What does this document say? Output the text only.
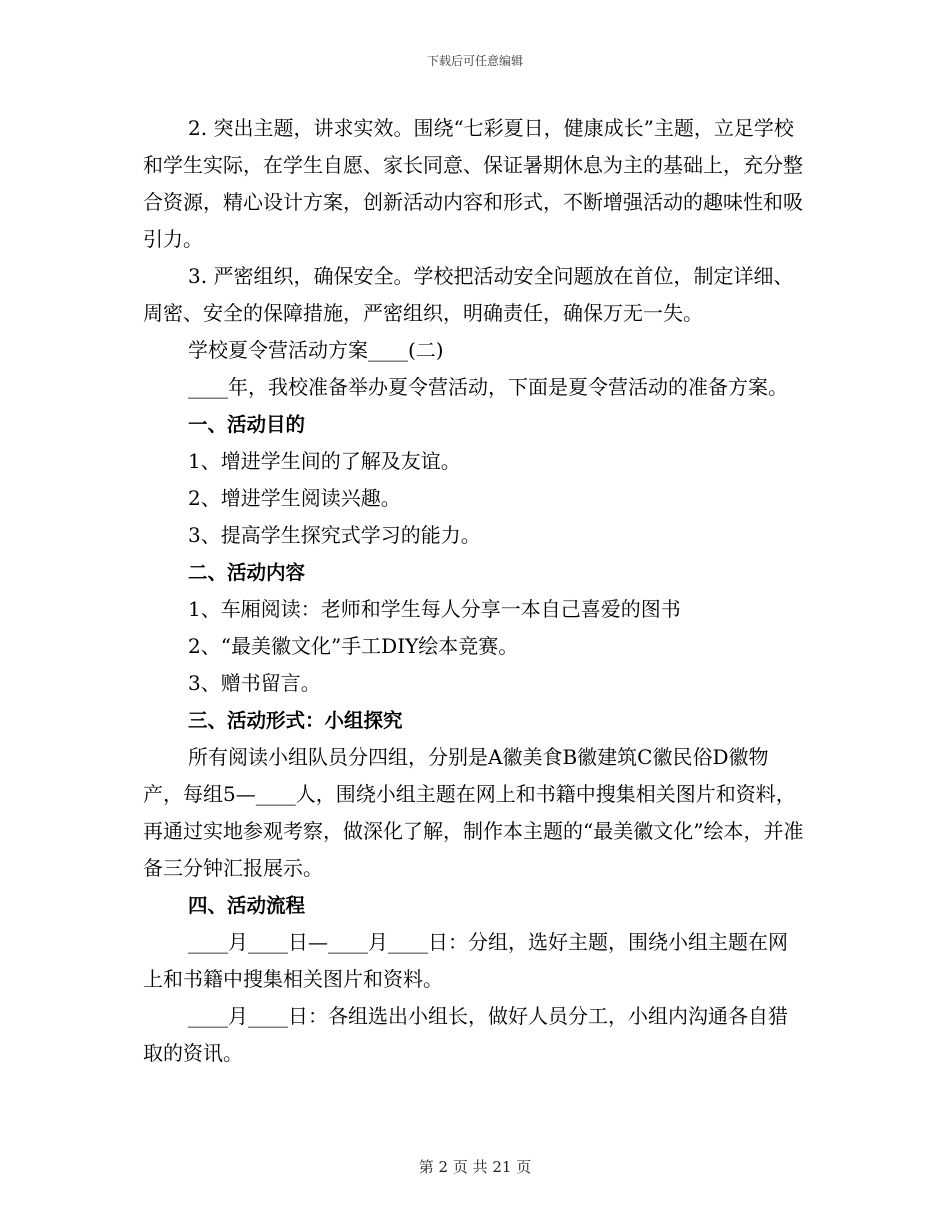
下载后可任意编辑

2. 突出主题，讲求实效。围绕“七彩夏日，健康成长”主题，立足学校和学生实际，在学生自愿、家长同意、保证暑期休息为主的基础上，充分整合资源，精心设计方案，创新活动内容和形式，不断增强活动的趣味性和吸引力。

3. 严密组织，确保安全。学校把活动安全问题放在首位，制定详细、周密、安全的保障措施，严密组织，明确责任，确保万无一失。

学校夏令营活动方案____(二)

____年，我校准备举办夏令营活动，下面是夏令营活动的准备方案。

一、活动目的

1、增进学生间的了解及友谊。

2、增进学生阅读兴趣。

3、提高学生探究式学习的能力。

二、活动内容

1、车厢阅读：老师和学生每人分享一本自己喜爱的图书

2、“最美徽文化”手工DIY绘本竞赛。

3、赠书留言。

三、活动形式：小组探究

所有阅读小组队员分四组，分别是A徽美食B徽建筑C徽民俗D徽物产，每组5—____人，围绕小组主题在网上和书籍中搜集相关图片和资料，再通过实地参观考察，做深化了解，制作本主题的“最美徽文化”绘本，并准备三分钟汇报展示。

四、活动流程

____月____日—____月____日：分组，选好主题，围绕小组主题在网上和书籍中搜集相关图片和资料。

____月____日：各组选出小组长，做好人员分工，小组内沟通各自猎取的资讯。

第 2 页 共 21 页
